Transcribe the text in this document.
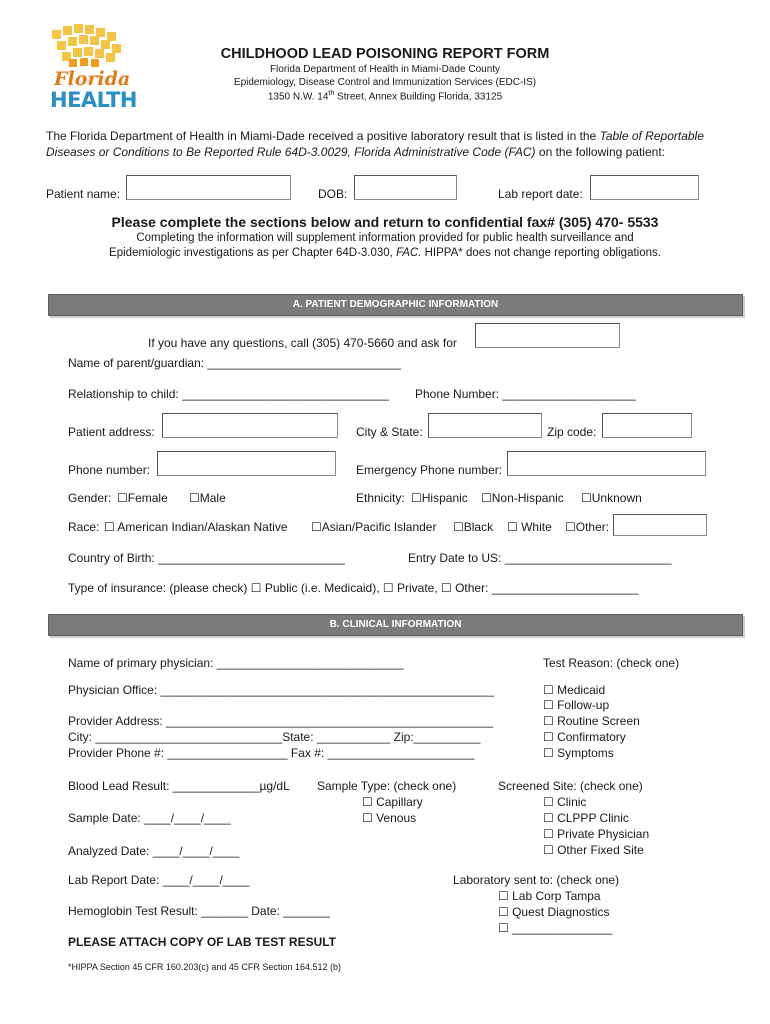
Florida
HEALTH
CHILDHOOD LEAD POISONING REPORT FORM
Florida Department of Health in Miami-Dade County
Epidemiology, Disease Control and Immunization Services (EDC-IS)
1350 N.W. 14th Street, Annex Building Florida, 33125
The Florida Department of Health in Miami-Dade received a positive laboratory result that is listed in the Table of Reportable
Diseases or Conditions to Be Reported Rule 64D-3.0029, Florida Administrative Code (FAC) on the following patient:
Patient name:	DOB:	Lab report date:
Please complete the sections below and return to confidential fax# (305) 470- 5533
Completing the information will supplement information provided for public health surveillance and
Epidemiologic investigations as per Chapter 64D-3.030, FAC. HIPPA* does not change reporting obligations.
A. PATIENT DEMOGRAPHIC INFORMATION
If you have any questions, call (305) 470-5660 and ask for
Name of parent/guardian: _____________________________
Relationship to child: _______________________________ Phone Number: ____________________
Patient address:	City & State:	Zip code:
Phone number:	Emergency Phone number:
Gender: ☐Female ☐Male	Ethnicity: ☐Hispanic ☐Non-Hispanic ☐Unknown
Race: ☐ American Indian/Alaskan Native ☐Asian/Pacific Islander ☐Black ☐ White ☐Other:
Country of Birth: ____________________________	Entry Date to US: _________________________
Type of insurance: (please check) ☐ Public (i.e. Medicaid), ☐ Private, ☐ Other: ______________________
B. CLINICAL INFORMATION
Name of primary physician: ____________________________	Test Reason: (check one)
Physician Office: __________________________________________________
Provider Address: _________________________________________________
City: ____________________________State: ___________ Zip:__________
Provider Phone #: __________________ Fax #: ______________________
☐ Medicaid
☐ Follow-up
☐ Routine Screen
☐ Confirmatory
☐ Symptoms
Blood Lead Result: _____________µg/dL Sample Type: (check one)
☐ Capillary
☐ Venous
Screened Site: (check one)
☐ Clinic
☐ CLPPP Clinic
☐ Private Physician
☐ Other Fixed Site
Sample Date: ____/____/____
Analyzed Date: ____/____/____
Lab Report Date: ____/____/____	Laboratory sent to: (check one)
☐ Lab Corp Tampa
☐ Quest Diagnostics
☐ _______________
Hemoglobin Test Result: _______ Date: _______
PLEASE ATTACH COPY OF LAB TEST RESULT
*HIPPA Section 45 CFR 160.203(c) and 45 CFR Section 164.512 (b)
